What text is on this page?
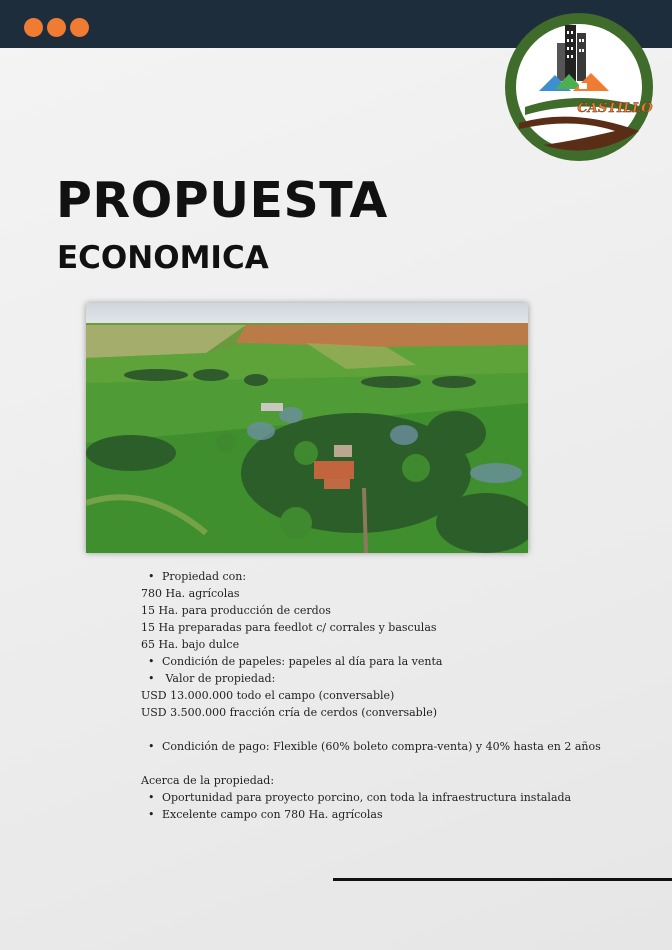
CASTILLO
PROPUESTA
ECONOMICA

• Propiedad con:

780 Ha. agrícolas

15 Ha. para producción de cerdos

15 Ha preparadas para feedlot c/ corrales y basculas

65 Ha. bajo dulce

• Condición de papeles: papeles al día para la venta

•  Valor de propiedad:

USD 13.000.000 todo el campo (conversable)

USD 3.500.000 fracción cría de cerdos (conversable)

• Condición de pago: Flexible (60% boleto compra-venta) y 40% hasta en 2 años

Acerca de la propiedad:

• Oportunidad para proyecto porcino, con toda la infraestructura instalada

• Excelente campo con 780 Ha. agrícolas
